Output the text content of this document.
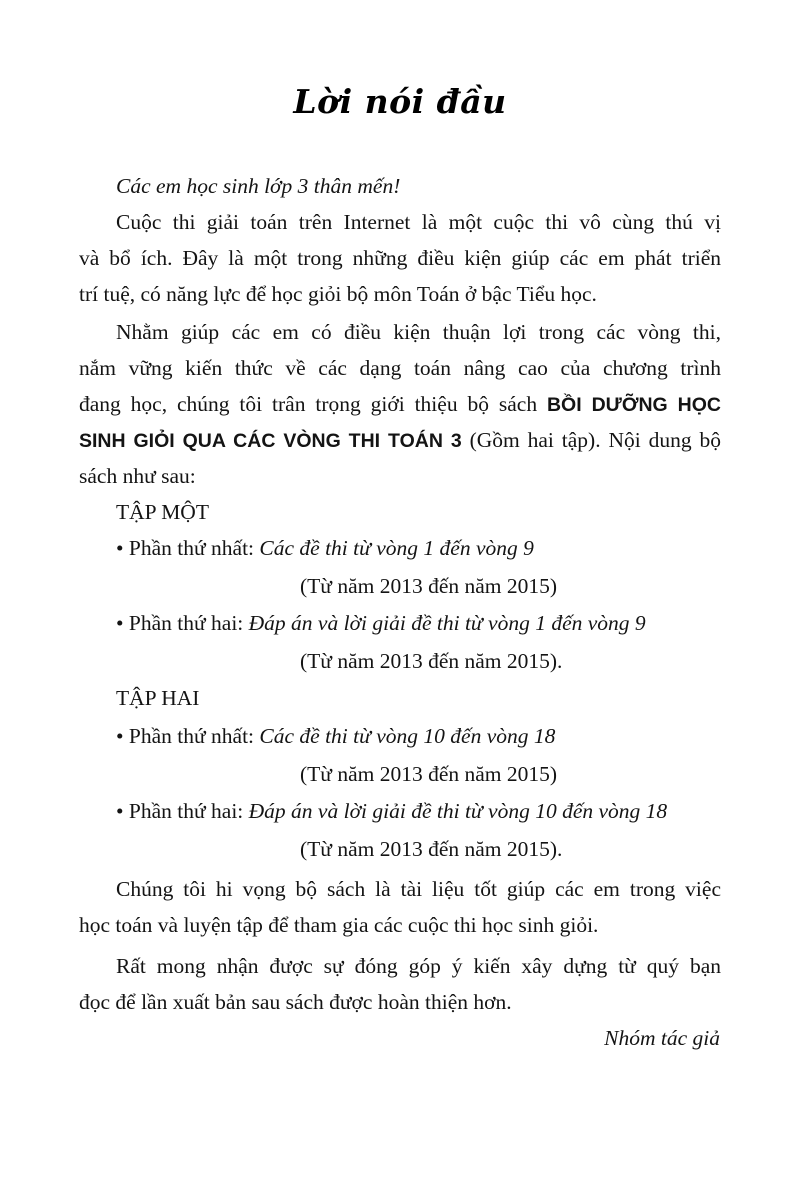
Lời nói đầu
Các em học sinh lớp 3 thân mến!
Cuộc thi giải toán trên Internet là một cuộc thi vô cùng thú vị
và bổ ích. Đây là một trong những điều kiện giúp các em phát triển
trí tuệ, có năng lực để học giỏi bộ môn Toán ở bậc Tiểu học.
Nhằm giúp các em có điều kiện thuận lợi trong các vòng thi,
nắm vững kiến thức về các dạng toán nâng cao của chương trình
đang học, chúng tôi trân trọng giới thiệu bộ sách BỒI DƯỠNG HỌC
SINH GIỎI QUA CÁC VÒNG THI TOÁN 3 (Gồm hai tập). Nội dung bộ
sách như sau:
TẬP MỘT
• Phần thứ nhất: Các đề thi từ vòng 1 đến vòng 9
(Từ năm 2013 đến năm 2015)
• Phần thứ hai: Đáp án và lời giải đề thi từ vòng 1 đến vòng 9
(Từ năm 2013 đến năm 2015).
TẬP HAI
• Phần thứ nhất: Các đề thi từ vòng 10 đến vòng 18
(Từ năm 2013 đến năm 2015)
• Phần thứ hai: Đáp án và lời giải đề thi từ vòng 10 đến vòng 18
(Từ năm 2013 đến năm 2015).
Chúng tôi hi vọng bộ sách là tài liệu tốt giúp các em trong việc
học toán và luyện tập để tham gia các cuộc thi học sinh giỏi.
Rất mong nhận được sự đóng góp ý kiến xây dựng từ quý bạn
đọc để lần xuất bản sau sách được hoàn thiện hơn.
Nhóm tác giả
